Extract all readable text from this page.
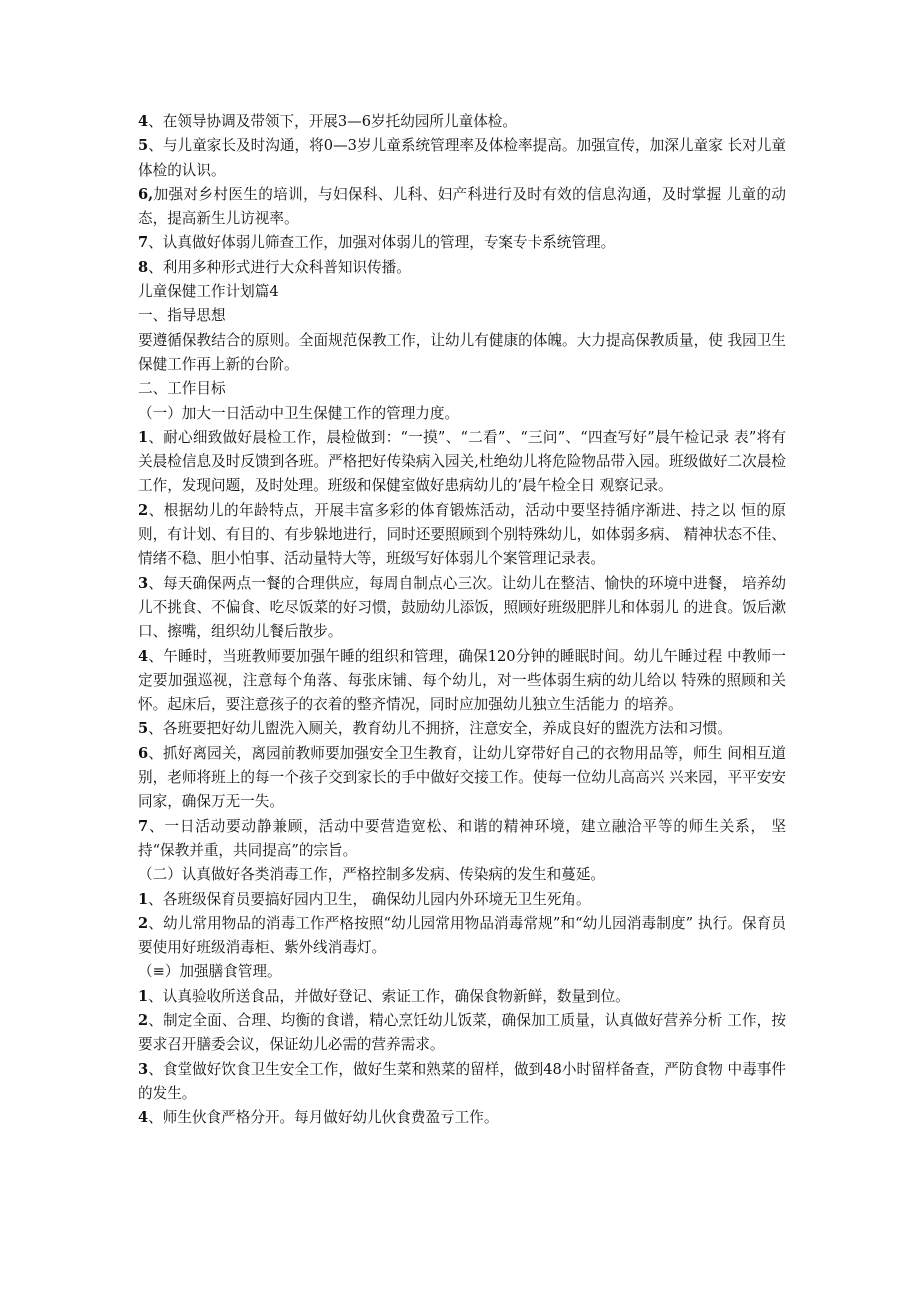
4、在领导协调及带领下，开展3—6岁托幼园所儿童体检。

5、与儿童家长及时沟通，将0—3岁儿童系统管理率及体检率提高。加强宣传，加深儿童家 长对儿童体检的认识。

6,加强对乡村医生的培训，与妇保科、儿科、妇产科进行及时有效的信息沟通，及时掌握 儿童的动态，提高新生儿访视率。

7、认真做好体弱儿筛查工作，加强对体弱儿的管理，专案专卡系统管理。

8、利用多种形式进行大众科普知识传播。

儿童保健工作计划篇4

一、指导思想

要遵循保教结合的原则。全面规范保教工作，让幼儿有健康的体魄。大力提高保教质量，使 我园卫生保健工作再上新的台阶。

二、工作目标

（一）加大一日活动中卫生保健工作的管理力度。

1、耐心细致做好晨检工作，晨检做到：“一摸”、“二看”、“三问”、“四查写好”晨午检记录 表”将有关晨检信息及时反馈到各班。严格把好传染病入园关,杜绝幼儿将危险物品带入园。班级做好二次晨检工作，发现问题，及时处理。班级和保健室做好患病幼儿的’晨午检全日 观察记录。

2、根据幼儿的年龄特点，开展丰富多彩的体育锻炼活动，活动中要坚持循序渐进、持之以 恒的原则，有计划、有目的、有步躲地进行，同时还要照顾到个别特殊幼儿，如体弱多病、 精神状态不佳、情绪不稳、胆小怕事、活动量特大等，班级写好体弱儿个案管理记录表。

3、每天确保两点一餐的合理供应，每周自制点心三次。让幼儿在整洁、愉快的环境中进餐， 培养幼儿不挑食、不偏食、吃尽饭菜的好习惯，鼓励幼儿添饭，照顾好班级肥胖儿和体弱儿 的进食。饭后漱口、擦嘴，组织幼儿餐后散步。

4、午睡时，当班教师要加强午睡的组织和管理，确保120分钟的睡眠时间。幼儿午睡过程 中教师一定要加强巡视，注意每个角落、每张床铺、每个幼儿，对一些体弱生病的幼儿给以 特殊的照顾和关怀。起床后，要注意孩子的衣着的整齐情况，同时应加强幼儿独立生活能力 的培养。

5、各班要把好幼儿盥洗入厕关，教育幼儿不拥挤，注意安全，养成良好的盥洗方法和习惯。

6、抓好离园关，离园前教师要加强安全卫生教育，让幼儿穿带好自己的衣物用品等，师生 间相互道别，老师将班上的每一个孩子交到家长的手中做好交接工作。使每一位幼儿高高兴 兴来园，平平安安同家，确保万无一失。

7、一日活动要动静兼顾，活动中要营造宽松、和谐的精神环境，建立融洽平等的师生关系， 坚持“保教并重，共同提高”的宗旨。

（二）认真做好各类消毒工作，严格控制多发病、传染病的发生和蔓延。

1、各班级保育员要搞好园内卫生， 确保幼儿园内外环境无卫生死角。

2、幼儿常用物品的消毒工作严格按照“幼儿园常用物品消毒常规”和“幼儿园消毒制度” 执行。保育员要使用好班级消毒柜、紫外线消毒灯。

（≡）加强膳食管理。

1、认真验收所送食品，并做好登记、索证工作，确保食物新鲜，数量到位。

2、制定全面、合理、均衡的食谱，精心烹饪幼儿饭菜，确保加工质量，认真做好营养分析 工作，按要求召开膳委会议，保证幼儿必需的营养需求。

3、食堂做好饮食卫生安全工作，做好生菜和熟菜的留样，做到48小时留样备查，严防食物 中毒事件的发生。

4、师生伙食严格分开。每月做好幼儿伙食费盈亏工作。
